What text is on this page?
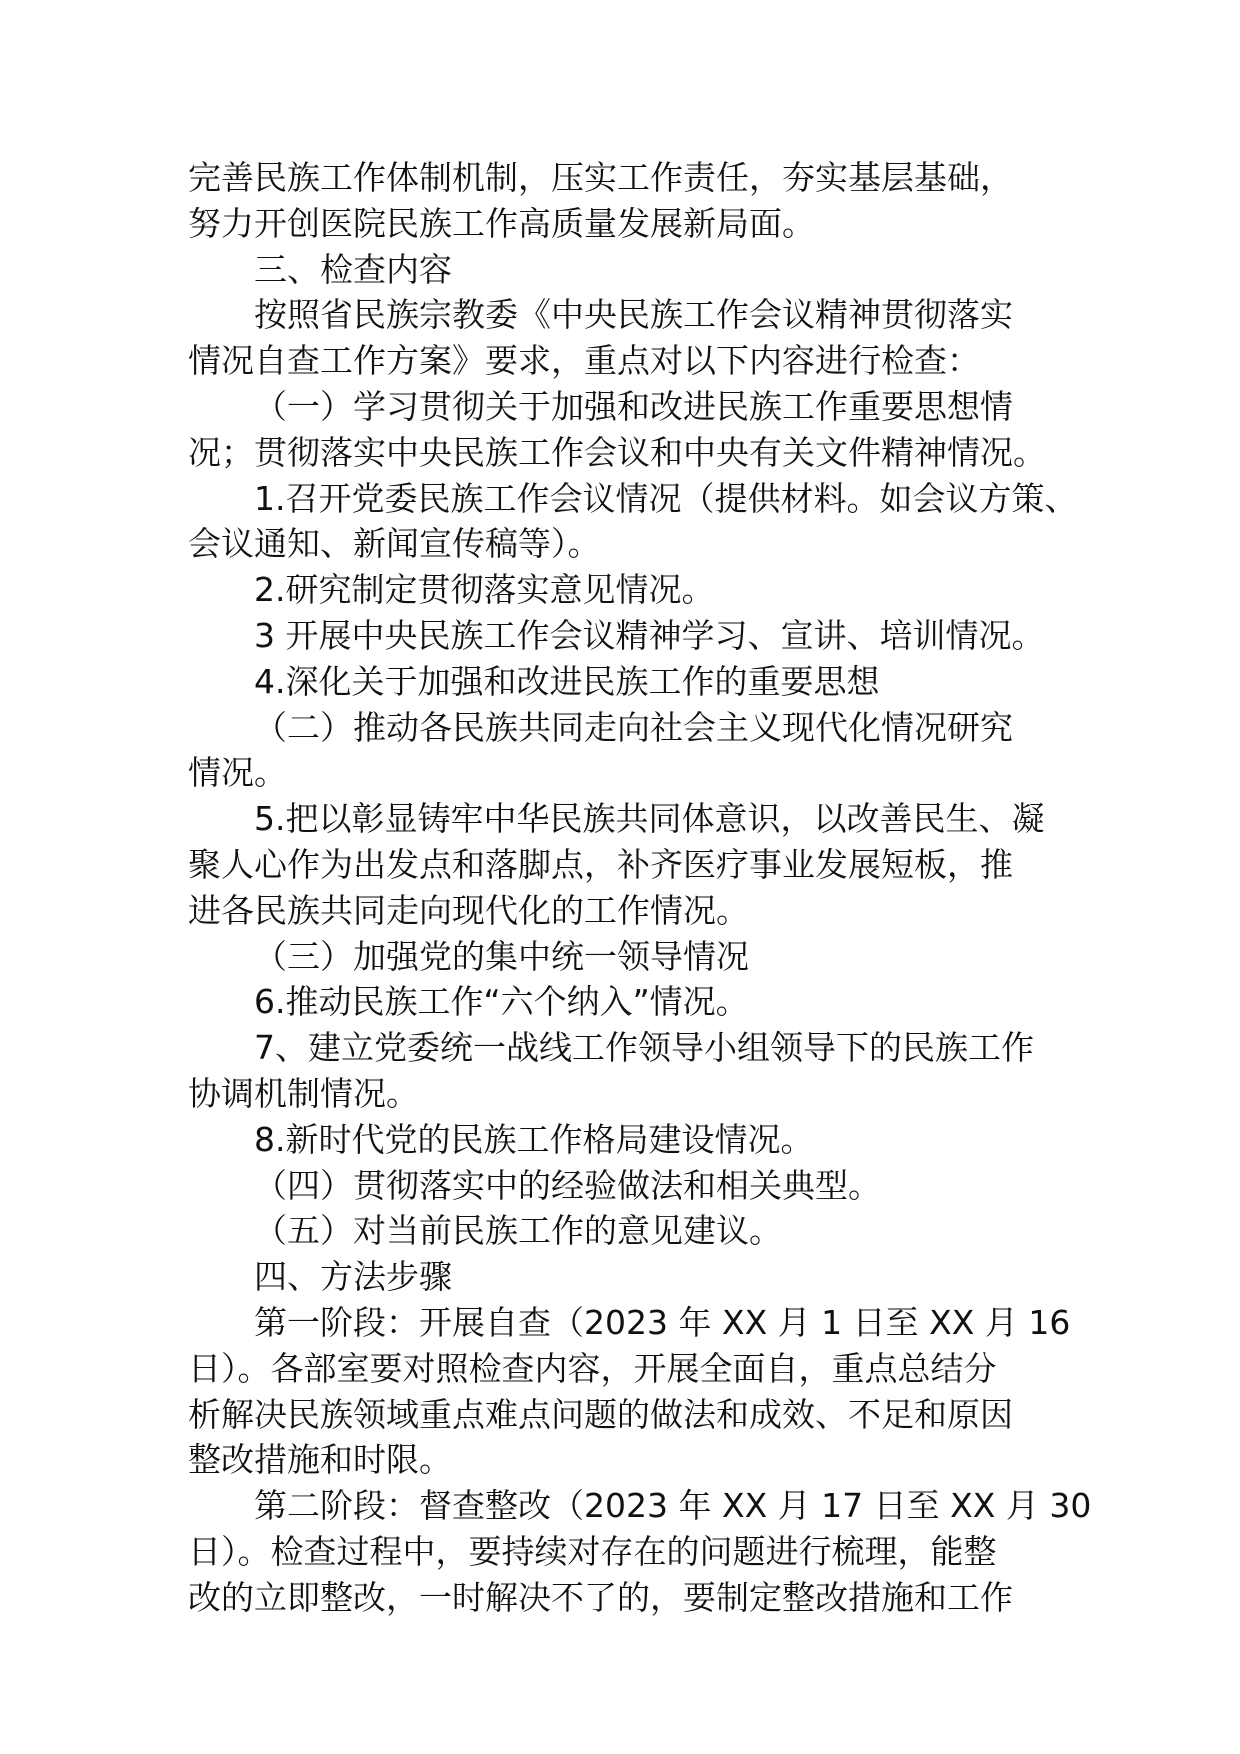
完善民族工作体制机制，压实工作责任，夯实基层基础，
努力开创医院民族工作高质量发展新局面。
三、检查内容
按照省民族宗教委《中央民族工作会议精神贯彻落实
情况自查工作方案》要求，重点对以下内容进行检查：
（一）学习贯彻关于加强和改进民族工作重要思想情
况；贯彻落实中央民族工作会议和中央有关文件精神情况。
1.召开党委民族工作会议情况（提供材料。如会议方策、
会议通知、新闻宣传稿等）。
2.研究制定贯彻落实意见情况。
3 开展中央民族工作会议精神学习、宣讲、培训情况。
4.深化关于加强和改进民族工作的重要思想
（二）推动各民族共同走向社会主义现代化情况研究
情况。
5.把以彰显铸牢中华民族共同体意识，以改善民生、凝
聚人心作为出发点和落脚点，补齐医疗事业发展短板，推
进各民族共同走向现代化的工作情况。
（三）加强党的集中统一领导情况
6.推动民族工作“六个纳入”情况。
7、建立党委统一战线工作领导小组领导下的民族工作
协调机制情况。
8.新时代党的民族工作格局建设情况。
（四）贯彻落实中的经验做法和相关典型。
（五）对当前民族工作的意见建议。
四、方法步骤
第一阶段：开展自查（2023 年 XX 月 1 日至 XX 月 16
日）。各部室要对照检查内容，开展全面自，重点总结分
析解决民族领域重点难点问题的做法和成效、不足和原因
整改措施和时限。
第二阶段：督查整改（2023 年 XX 月 17 日至 XX 月 30
日）。检查过程中，要持续对存在的问题进行梳理，能整
改的立即整改，一时解决不了的，要制定整改措施和工作
